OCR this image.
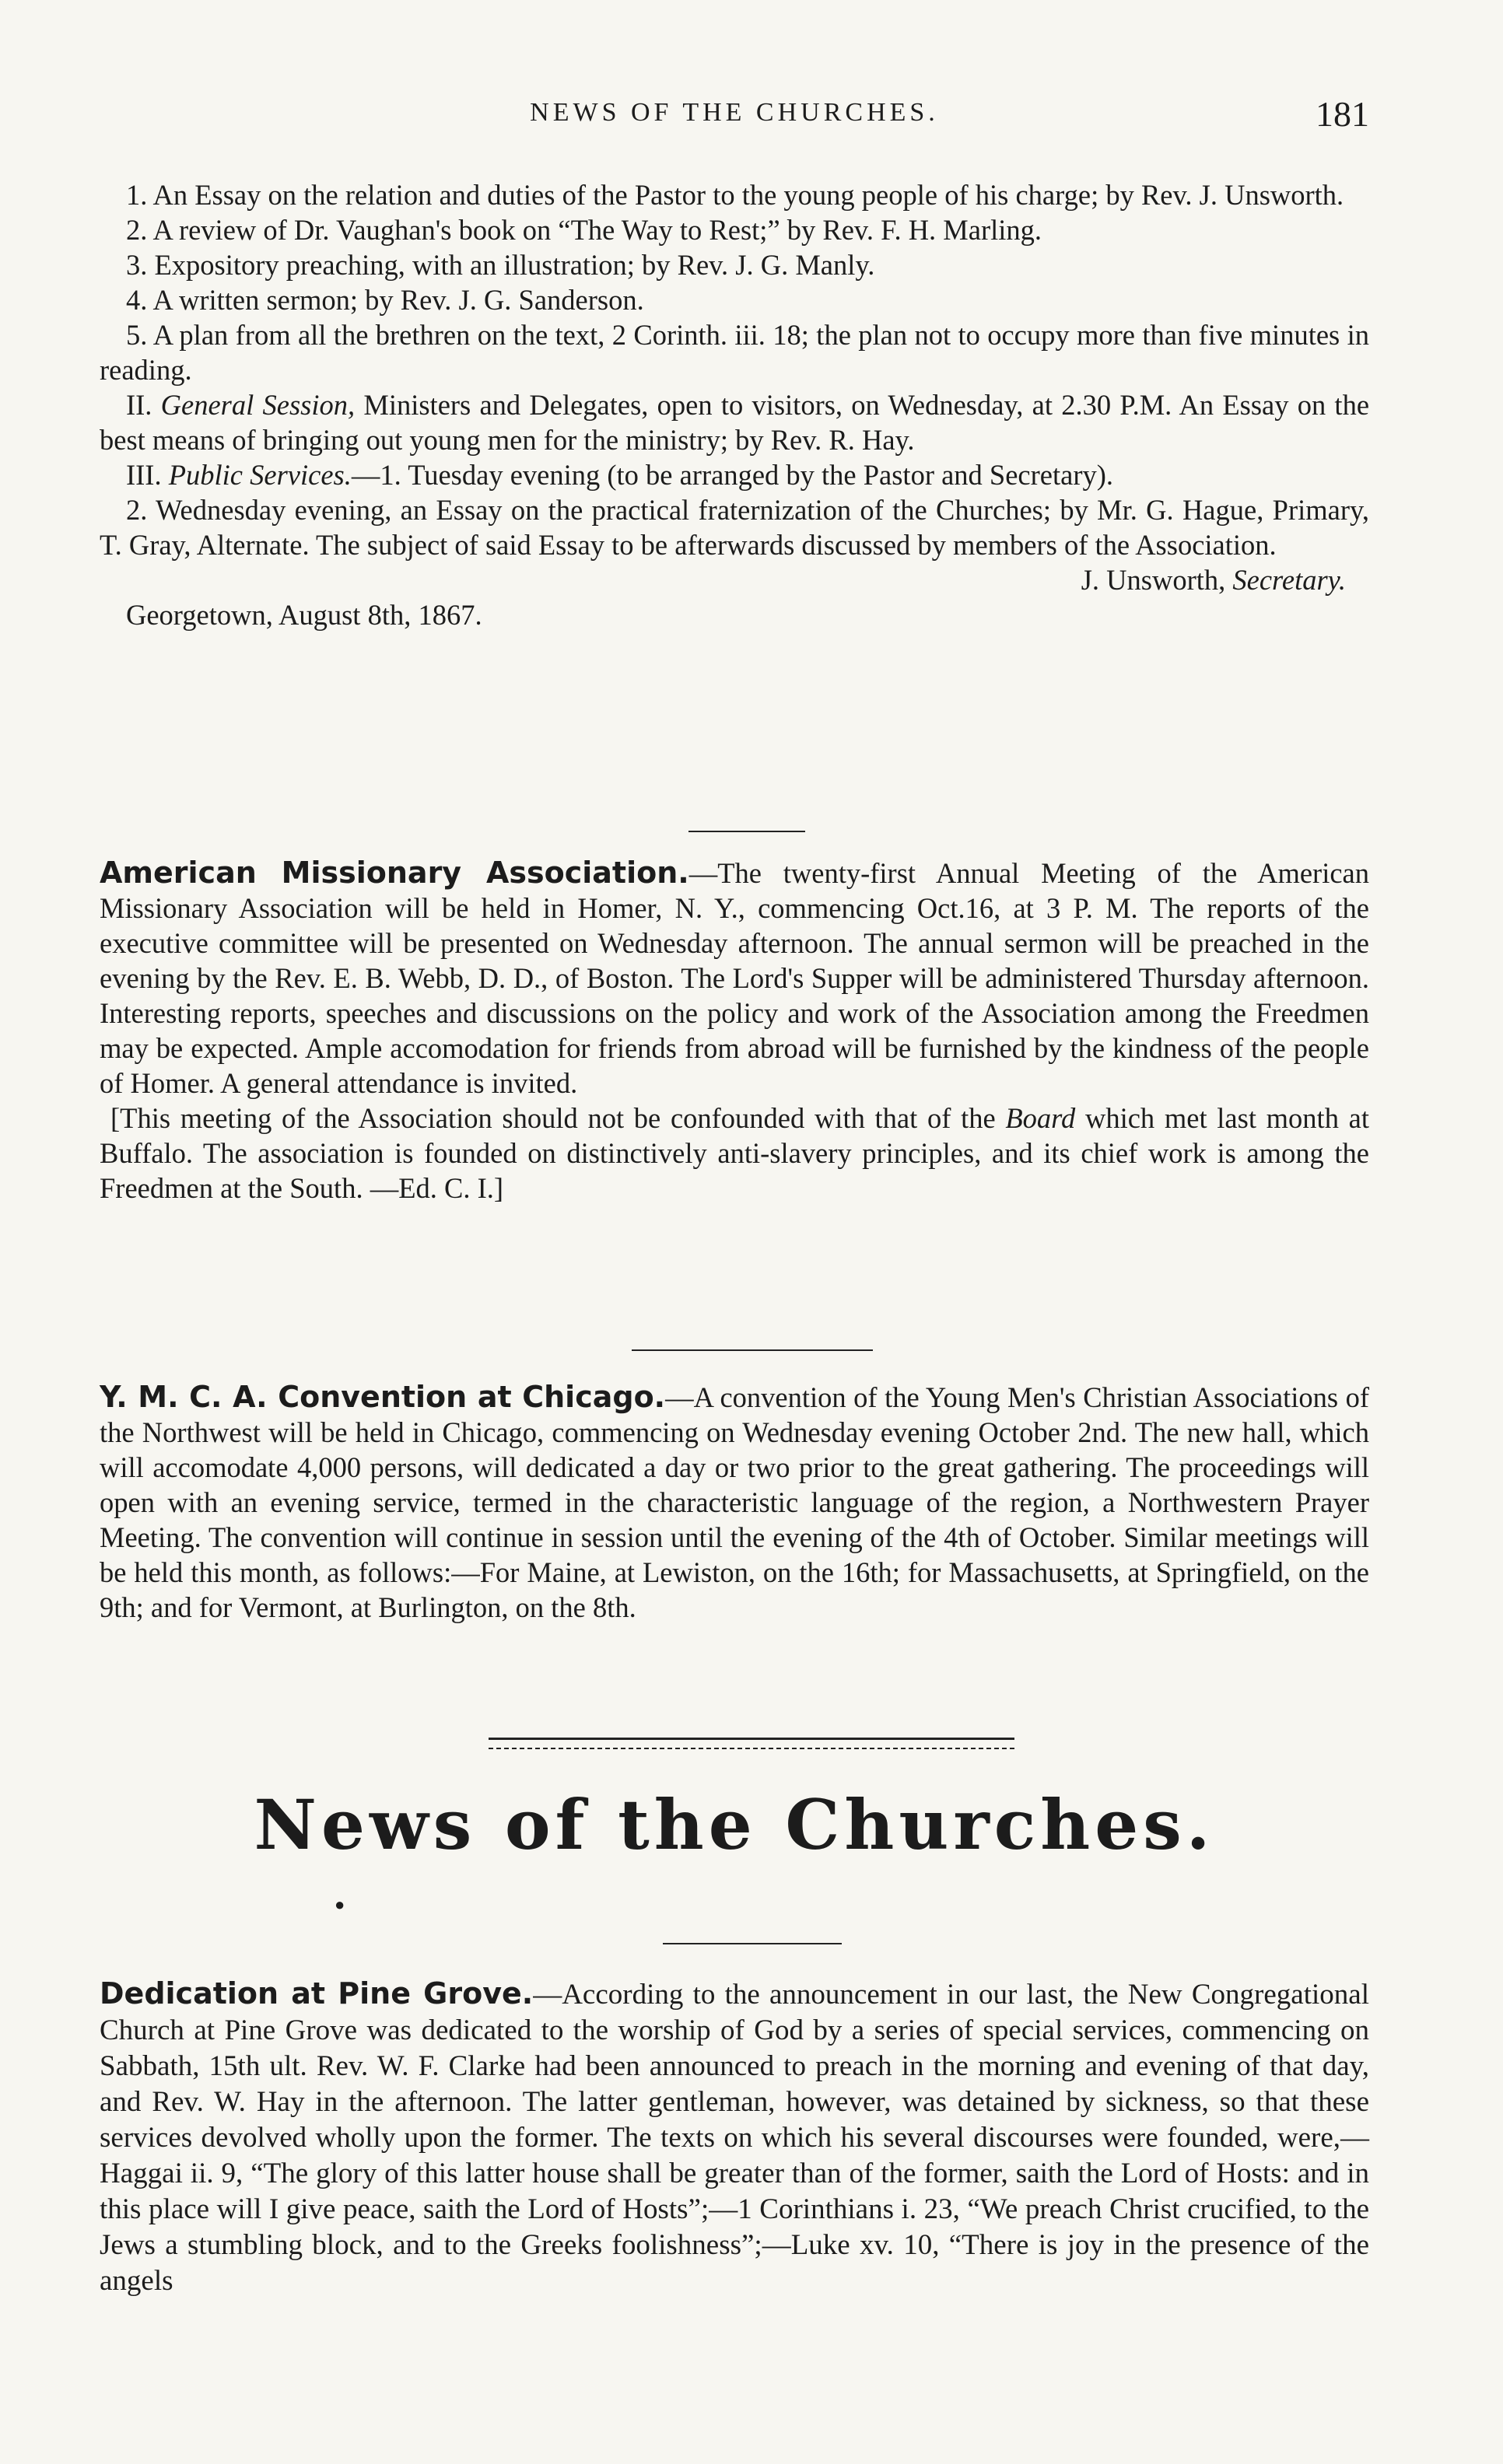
NEWS OF THE CHURCHES.	181

1. An Essay on the relation and duties of the Pastor to the young people of his charge; by Rev. J. Unsworth.

2. A review of Dr. Vaughan's book on “The Way to Rest;” by Rev. F. H. Marling.

3. Expository preaching, with an illustration; by Rev. J. G. Manly.

4. A written sermon; by Rev. J. G. Sanderson.

5. A plan from all the brethren on the text, 2 Corinth. iii. 18; the plan not to occupy more than five minutes in reading.

II. General Session, Ministers and Delegates, open to visitors, on Wednesday, at 2.30 P.M. An Essay on the best means of bringing out young men for the ministry; by Rev. R. Hay.

III. Public Services.—1. Tuesday evening (to be arranged by the Pastor and Secretary).

2. Wednesday evening, an Essay on the practical fraternization of the Churches; by Mr. G. Hague, Primary, T. Gray, Alternate. The subject of said Essay to be afterwards discussed by members of the Association.

J. Unsworth, Secretary.

Georgetown, August 8th, 1867.

American Missionary Association.—The twenty-first Annual Meeting of the American Missionary Association will be held in Homer, N. Y., commencing Oct.16, at 3 P. M. The reports of the executive committee will be presented on Wednesday afternoon. The annual sermon will be preached in the evening by the Rev. E. B. Webb, D. D., of Boston. The Lord's Supper will be administered Thursday afternoon. Interesting reports, speeches and discussions on the policy and work of the Association among the Freedmen may be expected. Ample accomodation for friends from abroad will be furnished by the kindness of the people of Homer. A general attendance is invited.

[This meeting of the Association should not be confounded with that of the Board which met last month at Buffalo. The association is founded on distinctively anti-slavery principles, and its chief work is among the Freedmen at the South. —Ed. C. I.]

Y. M. C. A. Convention at Chicago.—A convention of the Young Men's Christian Associations of the Northwest will be held in Chicago, commencing on Wednesday evening October 2nd. The new hall, which will accomodate 4,000 persons, will dedicated a day or two prior to the great gathering. The proceedings will open with an evening service, termed in the characteristic language of the region, a Northwestern Prayer Meeting. The convention will continue in session until the evening of the 4th of October. Similar meetings will be held this month, as follows:—For Maine, at Lewiston, on the 16th; for Massachusetts, at Springfield, on the 9th; and for Vermont, at Burlington, on the 8th.

News of the Churches.
●

Dedication at Pine Grove.—According to the announcement in our last, the New Congregational Church at Pine Grove was dedicated to the worship of God by a series of special services, commencing on Sabbath, 15th ult. Rev. W. F. Clarke had been announced to preach in the morning and evening of that day, and Rev. W. Hay in the afternoon. The latter gentleman, however, was detained by sickness, so that these services devolved wholly upon the former. The texts on which his several discourses were founded, were,—Haggai ii. 9, “The glory of this latter house shall be greater than of the former, saith the Lord of Hosts: and in this place will I give peace, saith the Lord of Hosts”;—1 Corinthians i. 23, “We preach Christ crucified, to the Jews a stumbling block, and to the Greeks foolishness”;—Luke xv. 10, “There is joy in the presence of the angels
